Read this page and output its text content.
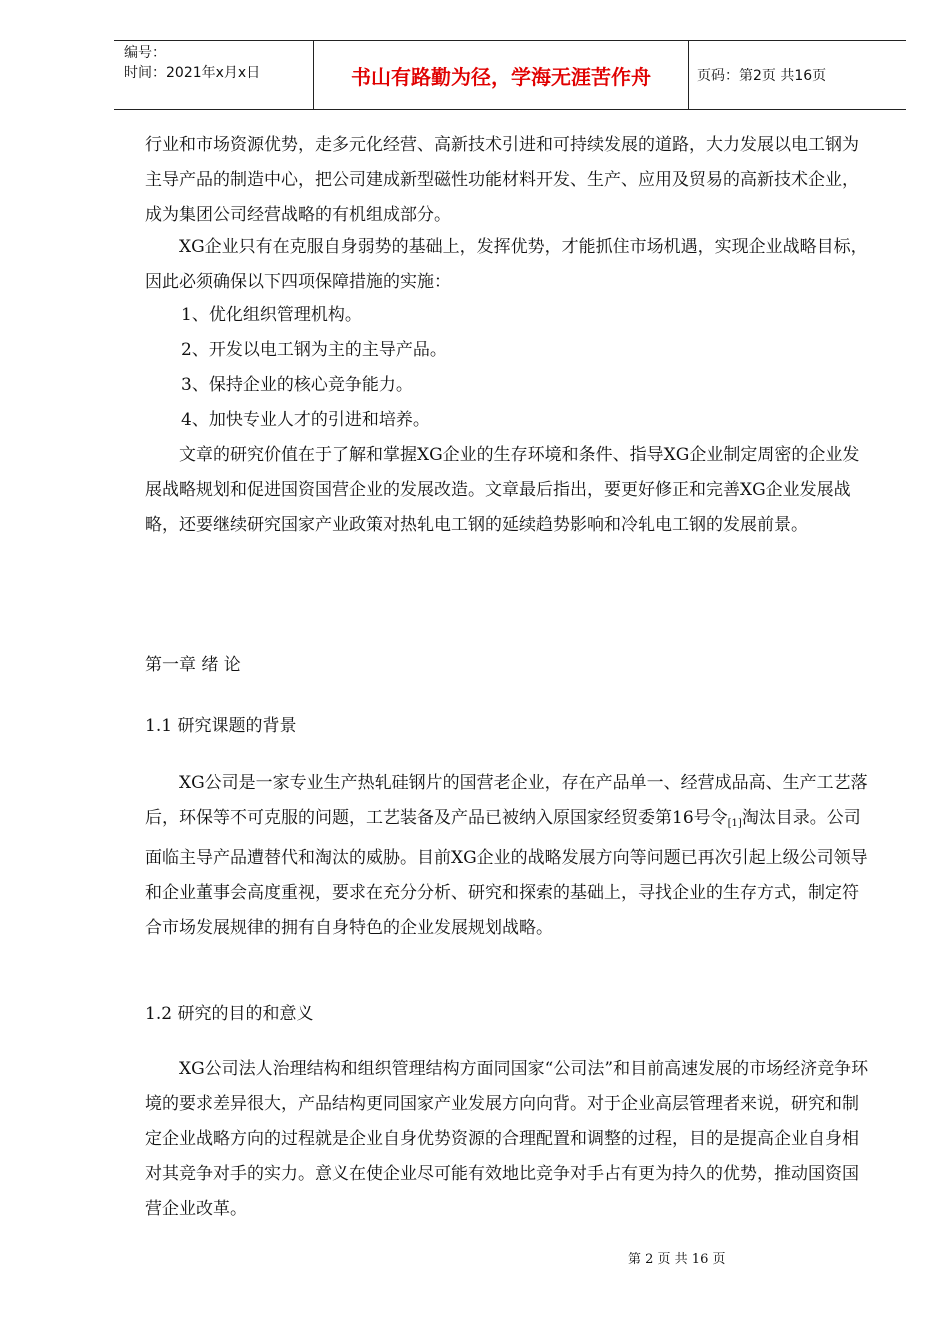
编号：
时间：2021年x月x日	书山有路勤为径，学海无涯苦作舟	页码：第2页 共16页
行业和市场资源优势，走多元化经营、高新技术引进和可持续发展的道路，大力发展以电工钢为主导产品的制造中心，把公司建成新型磁性功能材料开发、生产、应用及贸易的高新技术企业，成为集团公司经营战略的有机组成部分。
XG企业只有在克服自身弱势的基础上，发挥优势，才能抓住市场机遇，实现企业战略目标，因此必须确保以下四项保障措施的实施：
1、优化组织管理机构。
2、开发以电工钢为主的主导产品。
3、保持企业的核心竞争能力。
4、加快专业人才的引进和培养。
文章的研究价值在于了解和掌握XG企业的生存环境和条件、指导XG企业制定周密的企业发展战略规划和促进国资国营企业的发展改造。文章最后指出，要更好修正和完善XG企业发展战略，还要继续研究国家产业政策对热轧电工钢的延续趋势影响和冷轧电工钢的发展前景。
第一章 绪 论
1.1 研究课题的背景
XG公司是一家专业生产热轧硅钢片的国营老企业，存在产品单一、经营成品高、生产工艺落后，环保等不可克服的问题，工艺装备及产品已被纳入原国家经贸委第16号令$_{[1]}$淘汰目录。公司面临主导产品遭替代和淘汰的威胁。目前XG企业的战略发展方向等问题已再次引起上级公司领导和企业董事会高度重视，要求在充分分析、研究和探索的基础上，寻找企业的生存方式，制定符合市场发展规律的拥有自身特色的企业发展规划战略。
1.2 研究的目的和意义
XG公司法人治理结构和组织管理结构方面同国家“公司法”和目前高速发展的市场经济竞争环境的要求差异很大，产品结构更同国家产业发展方向向背。对于企业高层管理者来说，研究和制定企业战略方向的过程就是企业自身优势资源的合理配置和调整的过程，目的是提高企业自身相对其竞争对手的实力。意义在使企业尽可能有效地比竞争对手占有更为持久的优势，推动国资国营企业改革。
第 2 页 共 16 页
